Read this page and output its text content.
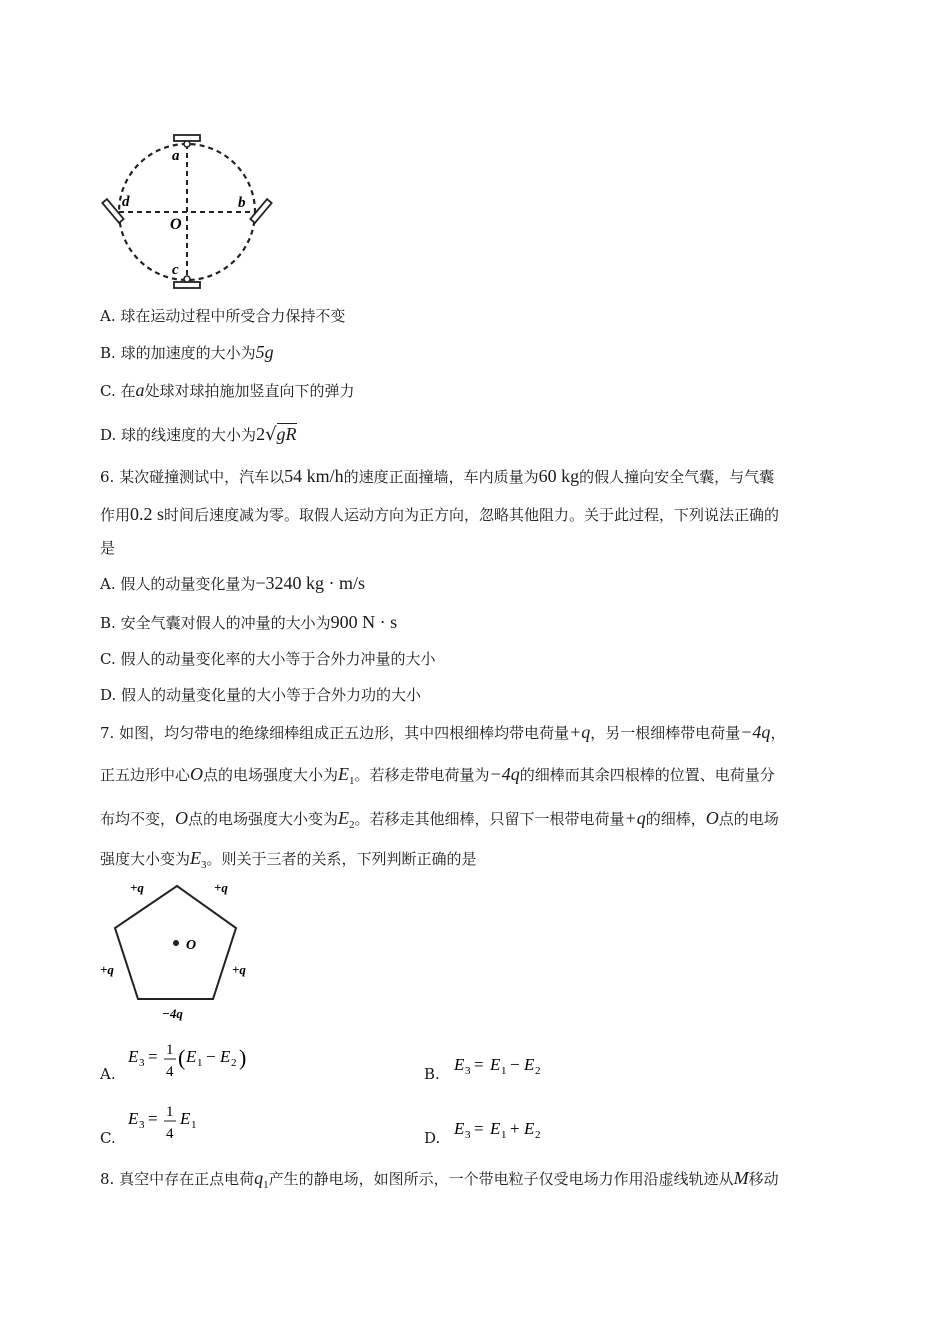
a
b
c
d
O
A. 球在运动过程中所受合力保持不变
B. 球的加速度的大小为5g
C. 在a处球对球拍施加竖直向下的弹力
D. 球的线速度的大小为2√gR
6. 某次碰撞测试中，汽车以54 km/h的速度正面撞墙，车内质量为60 kg的假人撞向安全气囊，与气囊
作用0.2 s时间后速度减为零。取假人运动方向为正方向，忽略其他阻力。关于此过程，下列说法正确的
是
A. 假人的动量变化量为−3240 kg · m/s
B. 安全气囊对假人的冲量的大小为900 N · s
C. 假人的动量变化率的大小等于合外力冲量的大小
D. 假人的动量变化量的大小等于合外力功的大小
7. 如图，均匀带电的绝缘细棒组成正五边形，其中四根细棒均带电荷量+q，另一根细棒带电荷量−4q，
正五边形中心O点的电场强度大小为$E_1$。若移走带电荷量为−4q的细棒而其余四根棒的位置、电荷量分
布均不变，O点的电场强度大小变为$E_2$。若移走其他细棒，只留下一根带电荷量+q的细棒，O点的电场
强度大小变为$E_3$。则关于三者的关系，下列判断正确的是
O
+q	+q
+q	+q
−4q
A.
E 3 = 1
4
( E 1 − E 2 )
B. E 3 = E 1 − E 2
C.
E 3 = 1
4
E 1
D. E 3 = E 1 + E 2
8. 真空中存在正点电荷$q_1$产生的静电场，如图所示，一个带电粒子仅受电场力作用沿虚线轨迹从M移动
